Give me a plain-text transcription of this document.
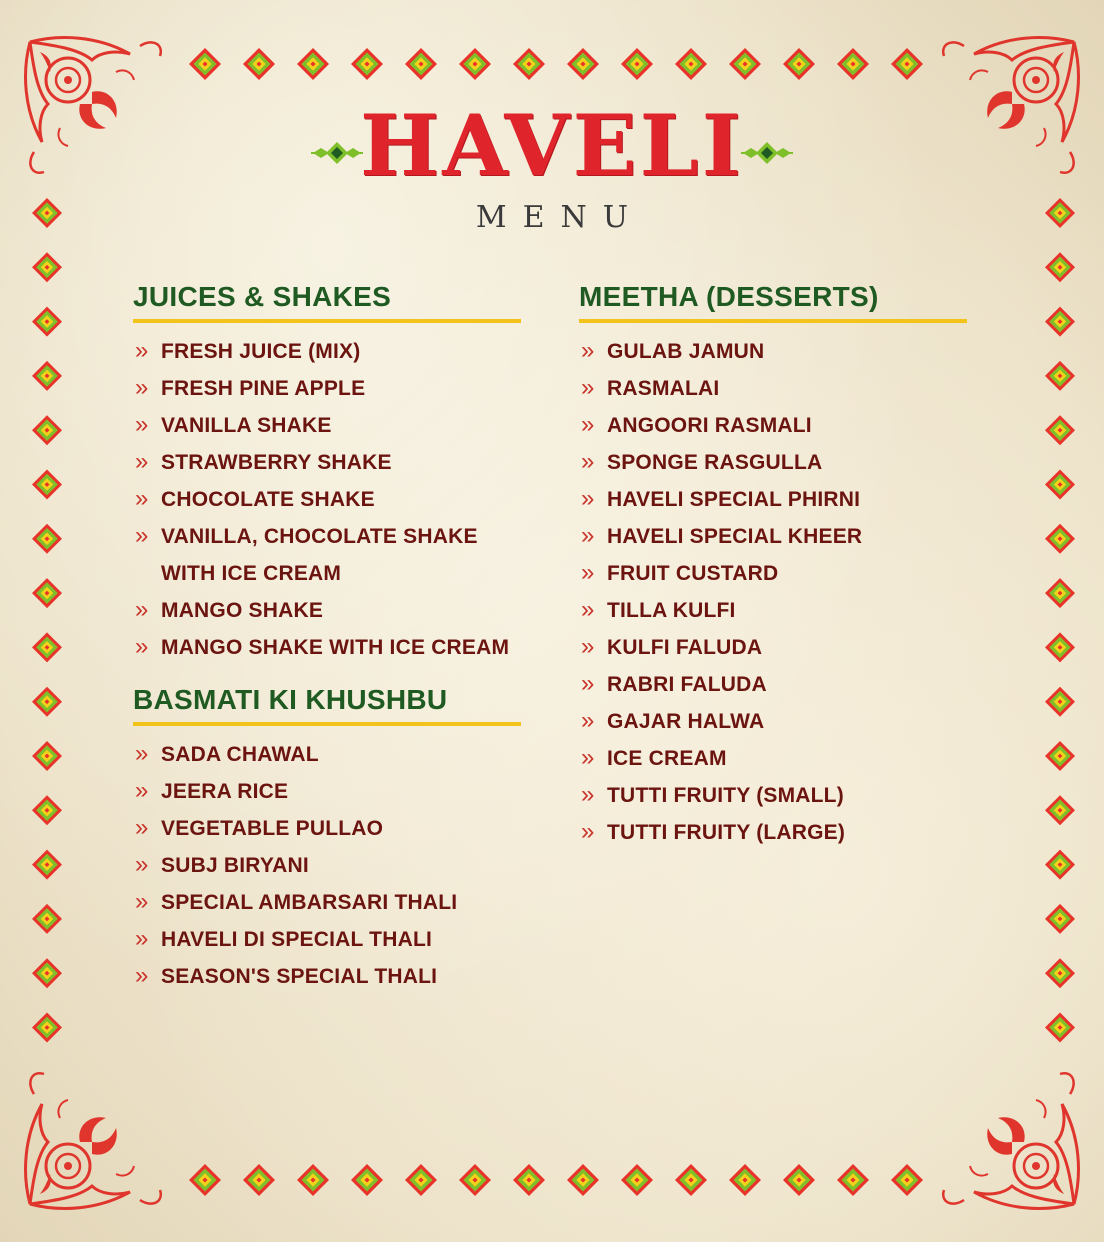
HAVELI
MENU
JUICES & SHAKES
» FRESH JUICE (MIX)
» FRESH PINE APPLE
» VANILLA SHAKE
» STRAWBERRY SHAKE
» CHOCOLATE SHAKE
» VANILLA, CHOCOLATE SHAKE
WITH ICE CREAM
» MANGO SHAKE
» MANGO SHAKE WITH ICE CREAM
BASMATI KI KHUSHBU
» SADA CHAWAL
» JEERA RICE
» VEGETABLE PULLAO
» SUBJ BIRYANI
» SPECIAL AMBARSARI THALI
» HAVELI DI SPECIAL THALI
» SEASON'S SPECIAL THALI
MEETHA (DESSERTS)
» GULAB JAMUN
» RASMALAI
» ANGOORI RASMALI
» SPONGE RASGULLA
» HAVELI SPECIAL PHIRNI
» HAVELI SPECIAL KHEER
» FRUIT CUSTARD
» TILLA KULFI
» KULFI FALUDA
» RABRI FALUDA
» GAJAR HALWA
» ICE CREAM
» TUTTI FRUITY (SMALL)
» TUTTI FRUITY (LARGE)
